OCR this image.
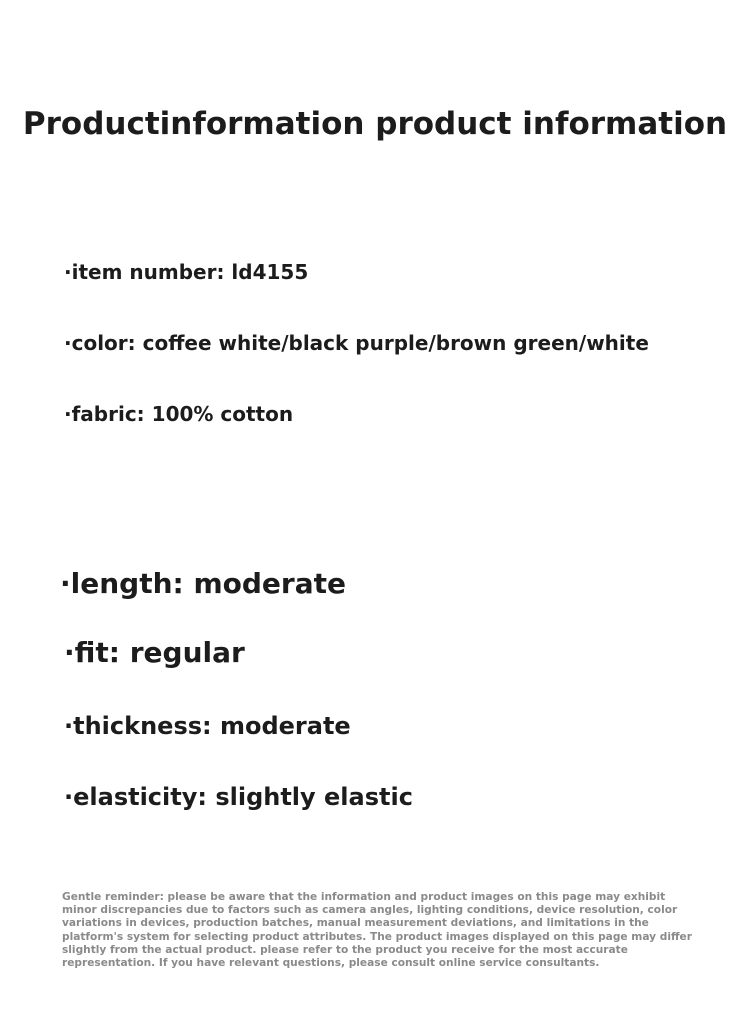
Productinformation product information
·item number: ld4155
·color: coffee white/black purple/brown green/white
·fabric: 100% cotton
·length: moderate
·fit: regular
·thickness: moderate
·elasticity: slightly elastic
Gentle reminder: please be aware that the information and product images on this page may exhibit minor discrepancies due to factors such as camera angles, lighting conditions, device resolution, color variations in devices, production batches, manual measurement deviations, and limitations in the platform's system for selecting product attributes. The product images displayed on this page may differ slightly from the actual product. please refer to the product you receive for the most accurate representation. If you have relevant questions, please consult online service consultants.
